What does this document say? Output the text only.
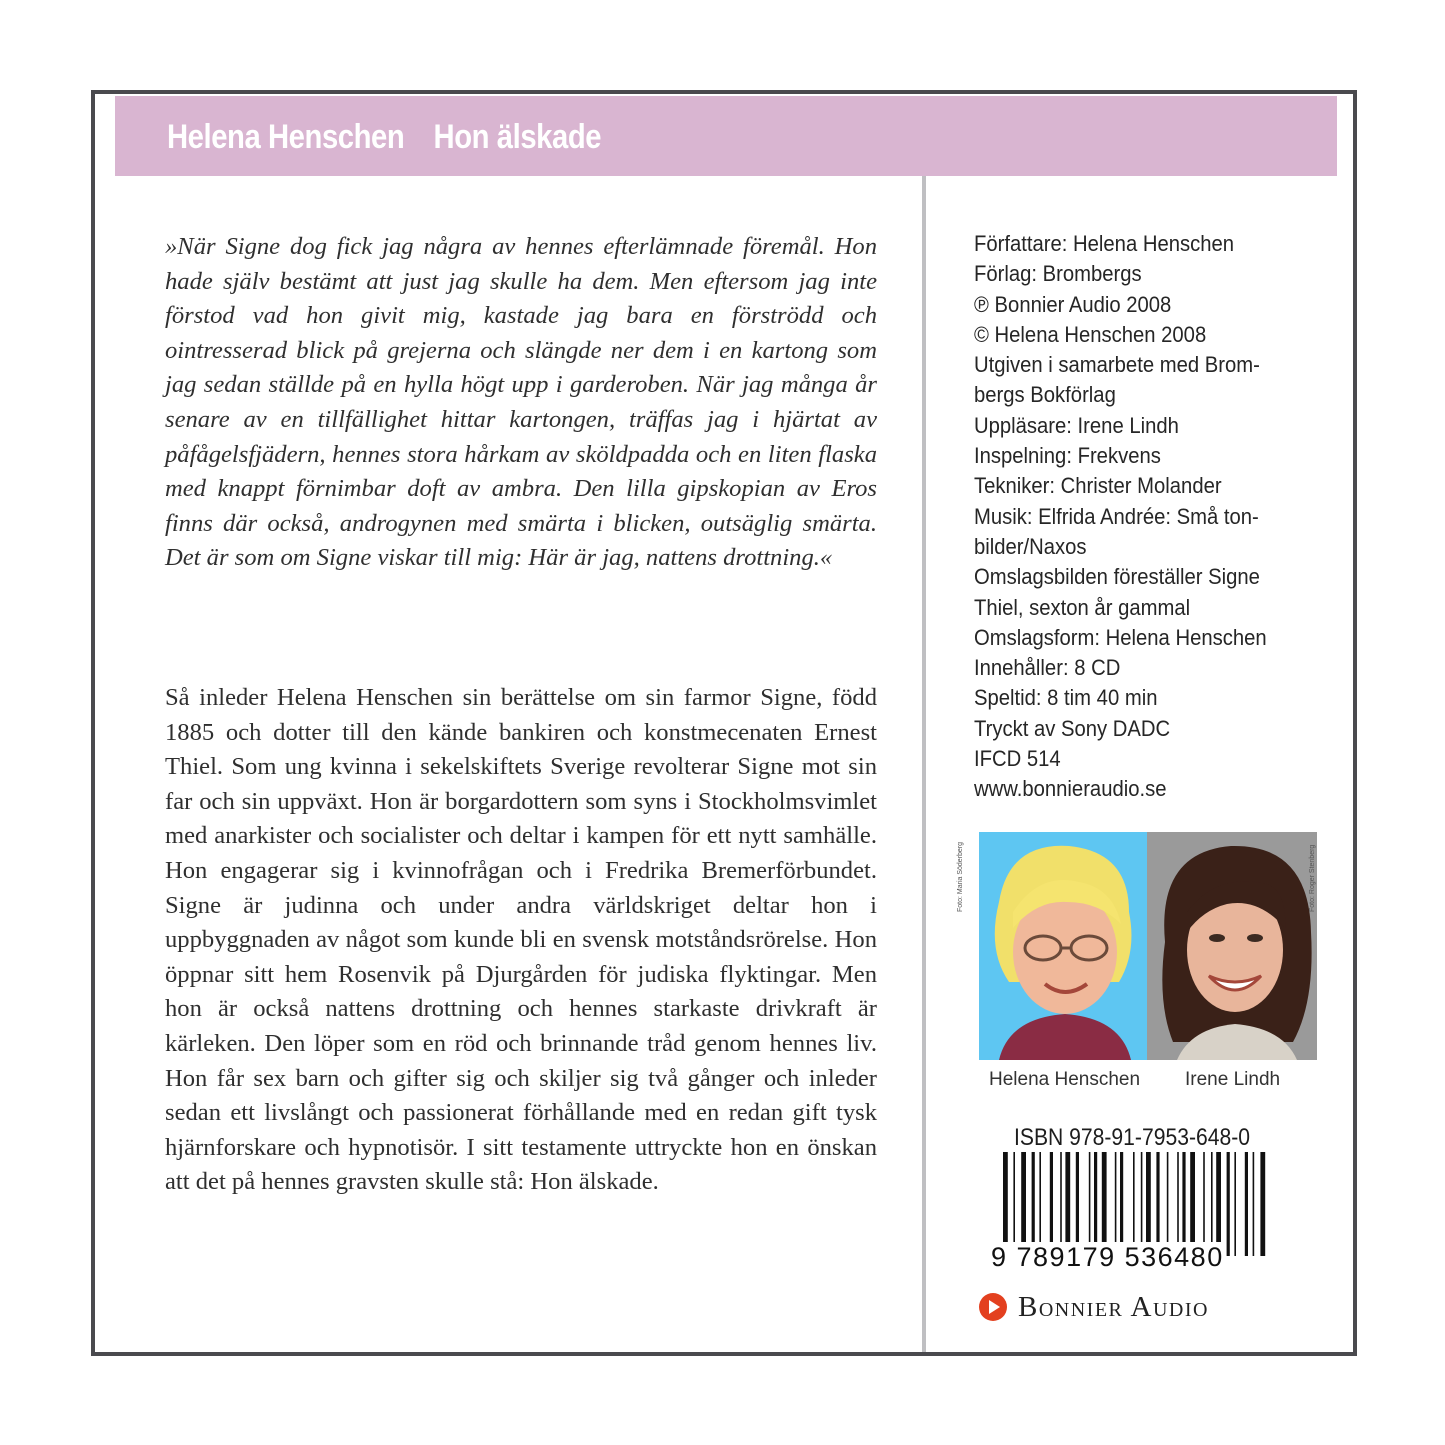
Helena Henschen Hon älskade

»När Signe dog fick jag några av hennes efterlämnade föremål. Hon hade själv bestämt att just jag skulle ha dem. Men eftersom jag inte förstod vad hon givit mig, kastade jag bara en förströdd och ointresserad blick på grejerna och slängde ner dem i en kartong som jag sedan ställde på en hylla högt upp i garderoben. När jag många år senare av en tillfällighet hittar kartongen, träffas jag i hjärtat av påfågelsfjädern, hennes stora hårkam av sköldpadda och en liten flaska med knappt förnimbar doft av ambra. Den lilla gipskopian av Eros finns där också, androgynen med smärta i blicken, outsäglig smärta. Det är som om Signe viskar till mig: Här är jag, nattens drottning.«

Så inleder Helena Henschen sin berättelse om sin farmor Signe, född 1885 och dotter till den kände bankiren och konstmecenaten Ernest Thiel. Som ung kvinna i sekelskiftets Sverige revolterar Signe mot sin far och sin uppväxt. Hon är borgardottern som syns i Stockholmsvimlet med anarkister och socialister och deltar i kampen för ett nytt samhälle. Hon engagerar sig i kvinnofrågan och i Fredrika Bremerförbundet. Signe är judinna och under andra världskriget deltar hon i uppbyggnaden av något som kunde bli en svensk motståndsrörelse. Hon öppnar sitt hem Rosenvik på Djurgården för judiska flyktingar. Men hon är också nattens drottning och hennes starkaste drivkraft är kärleken. Den löper som en röd och brinnande tråd genom hennes liv. Hon får sex barn och gifter sig och skiljer sig två gånger och inleder sedan ett livslångt och passionerat förhållande med en redan gift tysk hjärnforskare och hypnotisör. I sitt testamente uttryckte hon en önskan att det på hennes gravsten skulle stå: Hon älskade.

Författare: Helena Henschen
Förlag: Brombergs
℗ Bonnier Audio 2008
© Helena Henschen 2008
Utgiven i samarbete med Brom-
bergs Bokförlag
Uppläsare: Irene Lindh
Inspelning: Frekvens
Tekniker: Christer Molander
Musik: Elfrida Andrée: Små ton-
bilder/Naxos
Omslagsbilden föreställer Signe
Thiel, sexton år gammal
Omslagsform: Helena Henschen
Innehåller: 8 CD
Speltid: 8 tim 40 min
Tryckt av Sony DADC
IFCD 514
www.bonnieraudio.se
Foto: Maria Söderberg	Foto: Roger Stenberg
Helena Henschen Irene Lindh
ISBN 978-91-7953-648-0
9 789179 536480
Bonnier Audio
